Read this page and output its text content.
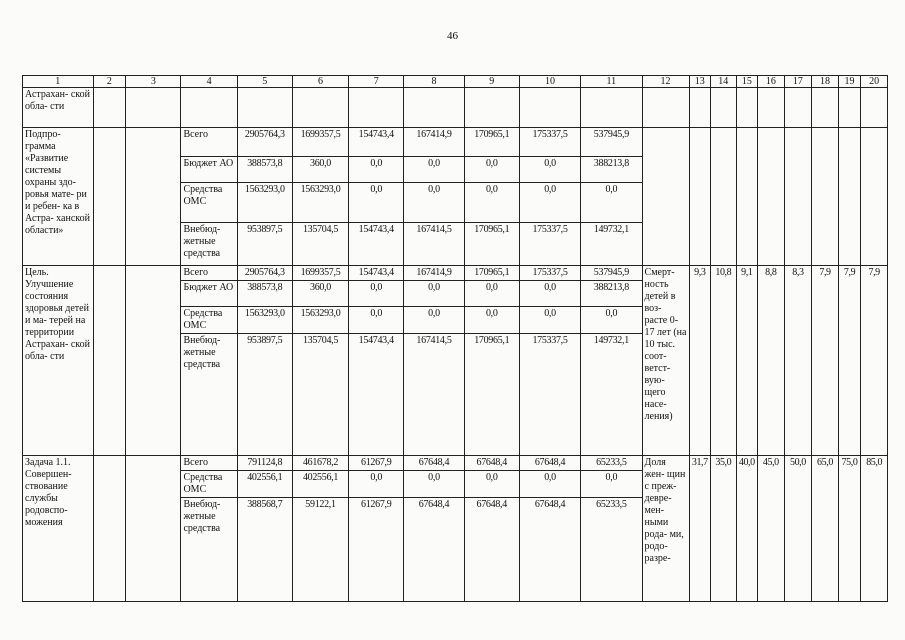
46
1	2	3	4	5	6	7	8	9	10	11	12	13	14	15	16	17	18	19	20
Астрахан- ской обла- сти																			
Подпро- грамма «Развитие системы охраны здо- ровья мате- ри и ребен- ка в Астра- ханской области»			Всего	2905764,3	1699357,5	154743,4	167414,9	170965,1	175337,5	537945,9									
			Бюджет АО	388573,8	360,0	0,0	0,0	0,0	0,0	388213,8									
			Средства ОМС	1563293,0	1563293,0	0,0	0,0	0,0	0,0	0,0									
			Внебюд- жетные средства	953897,5	135704,5	154743,4	167414,5	170965,1	175337,5	149732,1									
Цель. Улучшение состояния здоровья детей и ма- терей на территории Астрахан- ской обла- сти			Всего	2905764,3	1699357,5	154743,4	167414,9	170965,1	175337,5	537945,9	Смерт- ность детей в воз- расте 0-17 лет (на 10 тыс. соот- ветст- вую- щего насе- ления)	9,3	10,8	9,1	8,8	8,3	7,9	7,9	7,9
			Бюджет АО	388573,8	360,0	0,0	0,0	0,0	0,0	388213,8									
			Средства ОМС	1563293,0	1563293,0	0,0	0,0	0,0	0,0	0,0									
			Внебюд- жетные средства	953897,5	135704,5	154743,4	167414,5	170965,1	175337,5	149732,1									
Задача 1.1. Совершен- ствование службы родовспо- можения			Всего	791124,8	461678,2	61267,9	67648,4	67648,4	67648,4	65233,5	Доля жен- щин с преж- девре- мен- ными рода- ми, родо- разре-	31,7	35,0	40,0	45,0	50,0	65,0	75,0	85,0
			Средства ОМС	402556,1	402556,1	0,0	0,0	0,0	0,0	0,0									
			Внебюд- жетные средства	388568,7	59122,1	61267,9	67648,4	67648,4	67648,4	65233,5									
